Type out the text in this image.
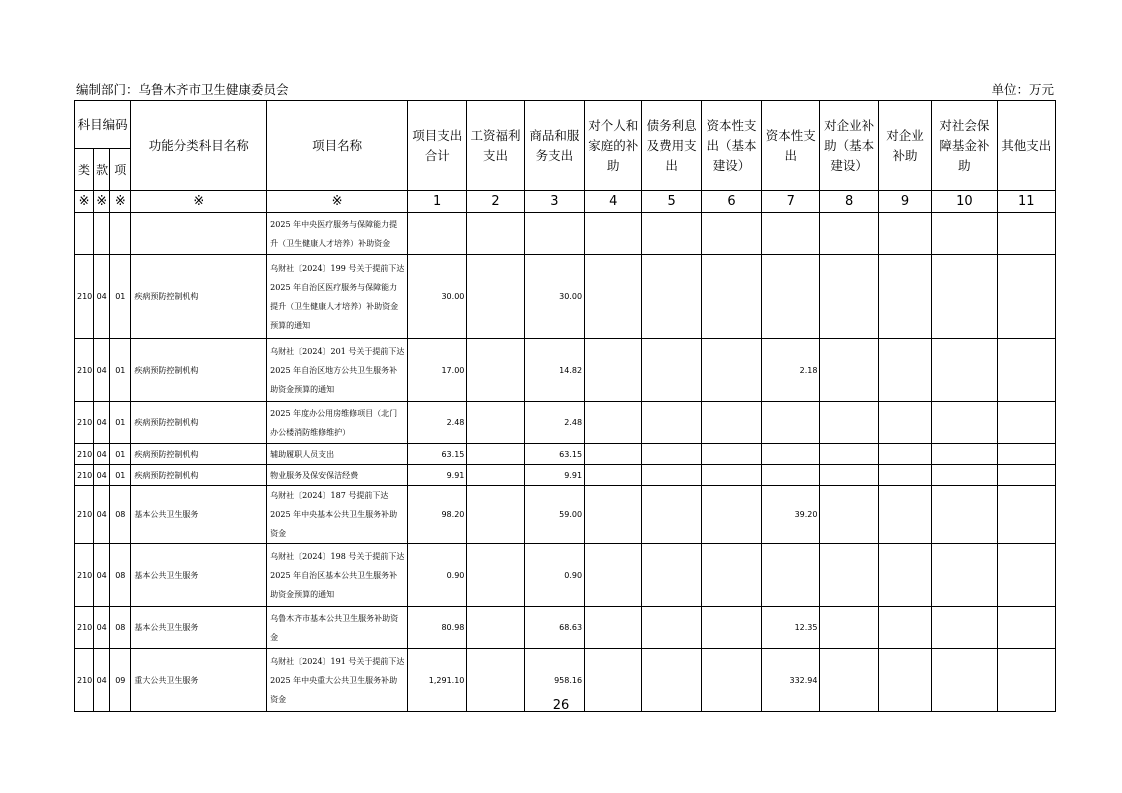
编制部门：乌鲁木齐市卫生健康委员会	单位：万元
科目编码			功能分类科目名称	项目名称	项目支出合计	工资福利支出	商品和服务支出	对个人和家庭的补助	债务利息及费用支出	资本性支出（基本建设）	资本性支出	对企业补助（基本建设）	对企业补助	对社会保障基金补助	其他支出
类	款	项													
※	※	※	※	※	1	2	3	4	5	6	7	8	9	10	11
				2025 年中央医疗服务与保障能力提升（卫生健康人才培养）补助资金											
210	04	01	疾病预防控制机构	乌财社〔2024〕199 号关于提前下达 2025 年自治区医疗服务与保障能力提升（卫生健康人才培养）补助资金预算的通知	30.00		30.00								
210	04	01	疾病预防控制机构	乌财社〔2024〕201 号关于提前下达 2025 年自治区地方公共卫生服务补助资金预算的通知	17.00		14.82				2.18				
210	04	01	疾病预防控制机构	2025 年度办公用房维修项目（北门办公楼消防维修维护）	2.48		2.48								
210	04	01	疾病预防控制机构	辅助履职人员支出	63.15		63.15								
210	04	01	疾病预防控制机构	物业服务及保安保洁经费	9.91		9.91								
210	04	08	基本公共卫生服务	乌财社〔2024〕187 号提前下达 2025 年中央基本公共卫生服务补助资金	98.20		59.00				39.20				
210	04	08	基本公共卫生服务	乌财社〔2024〕198 号关于提前下达 2025 年自治区基本公共卫生服务补助资金预算的通知	0.90		0.90								
210	04	08	基本公共卫生服务	乌鲁木齐市基本公共卫生服务补助资金	80.98		68.63				12.35				
210	04	09	重大公共卫生服务	乌财社〔2024〕191 号关于提前下达 2025 年中央重大公共卫生服务补助资金	1,291.10		958.16				332.94				
26
